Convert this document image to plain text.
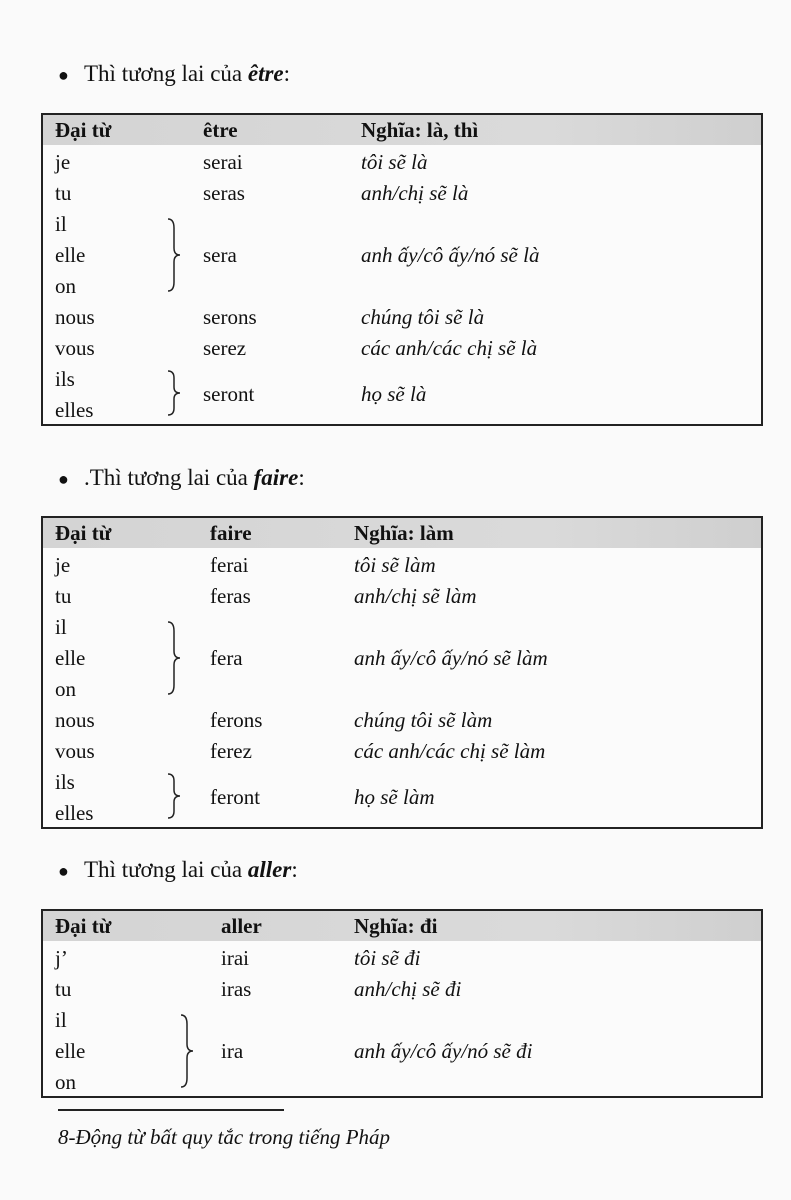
● Thì tương lai của être:
Đại từ	être	Nghĩa: là, thì
je	serai	tôi sẽ là
tu	seras	anh/chị sẽ là
il
elle
on
sera	anh ấy/cô ấy/nó sẽ là
nous	serons	chúng tôi sẽ là
vous	serez	các anh/các chị sẽ là
ils
elles
seront	họ sẽ là
● .Thì tương lai của faire:
Đại từ	faire	Nghĩa: làm
je	ferai	tôi sẽ làm
tu	feras	anh/chị sẽ làm
il
elle
on
fera	anh ấy/cô ấy/nó sẽ làm
nous	ferons	chúng tôi sẽ làm
vous	ferez	các anh/các chị sẽ làm
ils
elles
feront	họ sẽ làm
● Thì tương lai của aller:
Đại từ	aller	Nghĩa: đi
j’	irai	tôi sẽ đi
tu	iras	anh/chị sẽ đi
il
elle
on
ira	anh ấy/cô ấy/nó sẽ đi
8-Động từ bất quy tắc trong tiếng Pháp
